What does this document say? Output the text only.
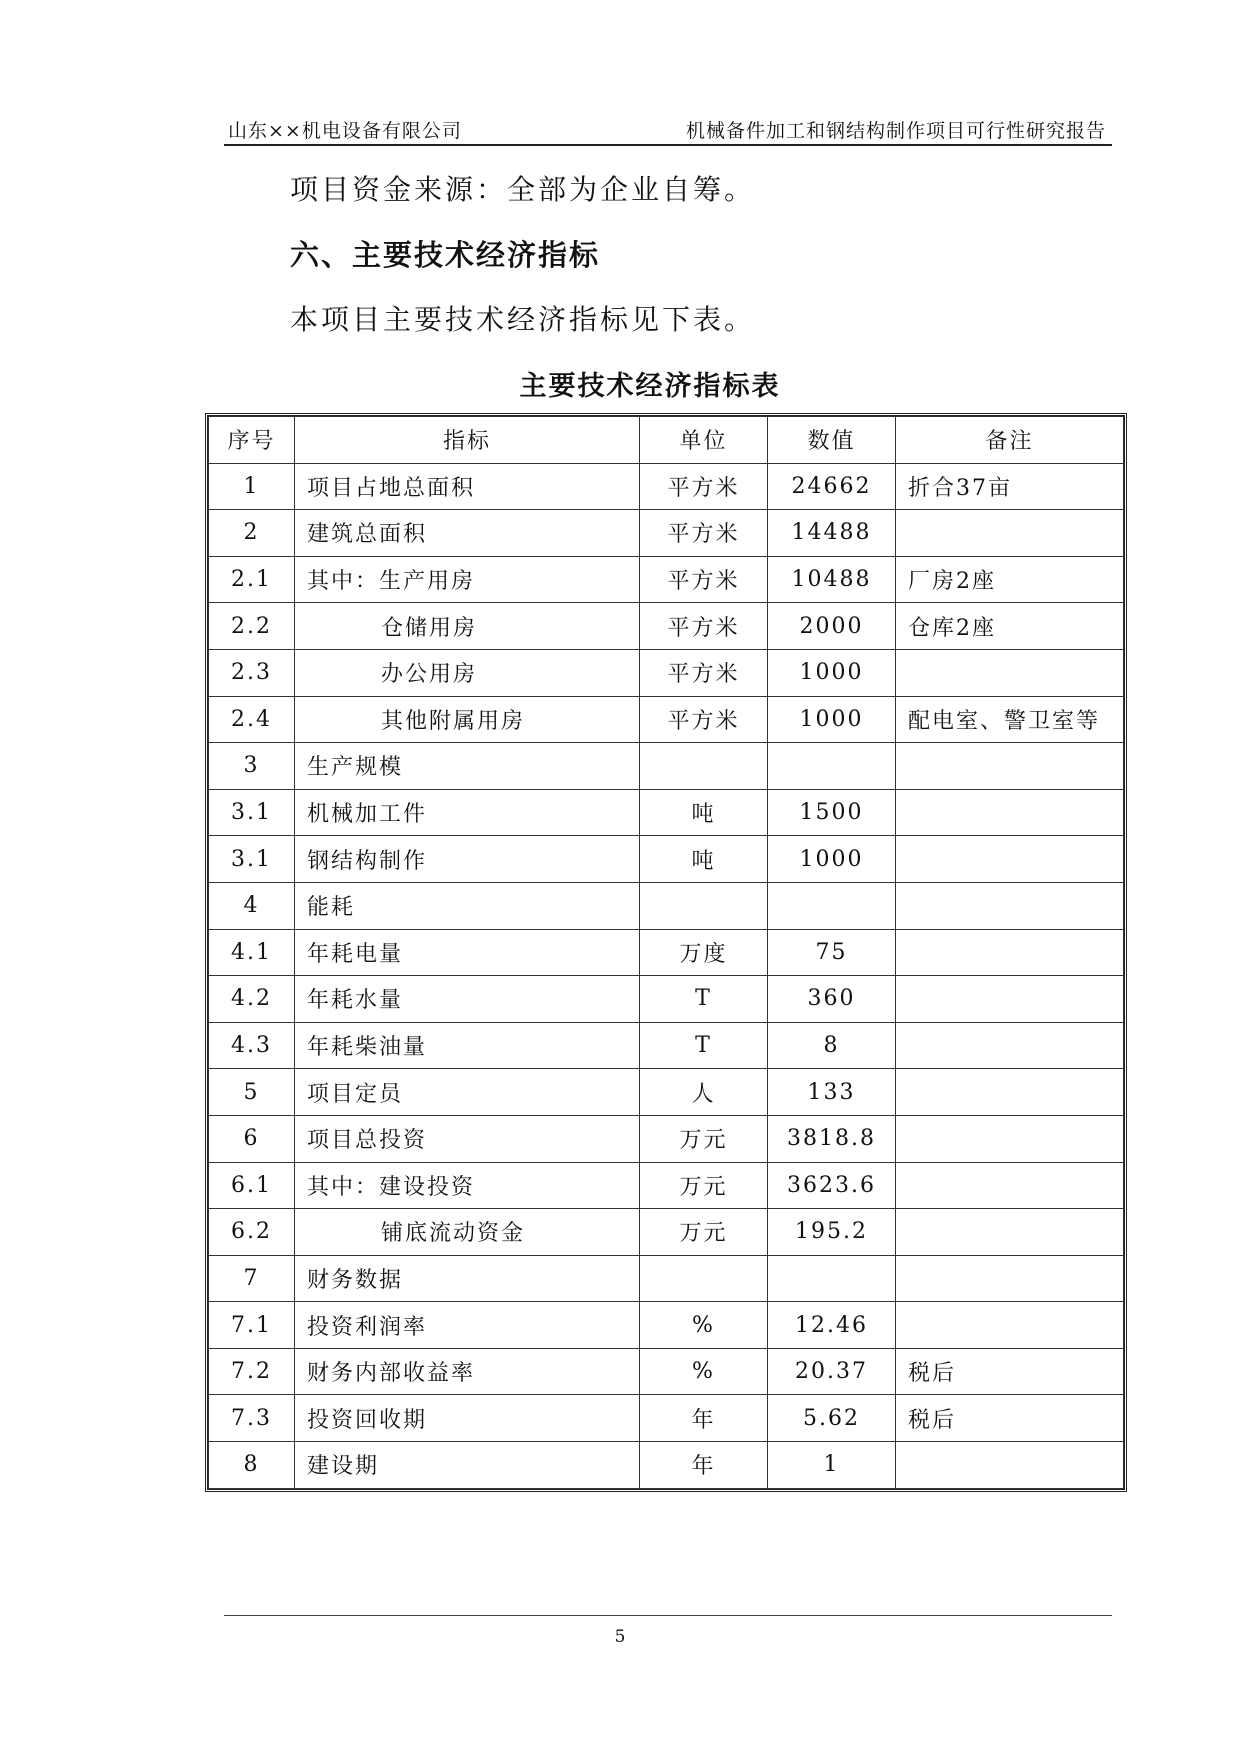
山东××机电设备有限公司	机械备件加工和钢结构制作项目可行性研究报告
项目资金来源：全部为企业自筹。
六、主要技术经济指标
本项目主要技术经济指标见下表。
主要技术经济指标表
序号	指标	单位	数值	备注
1	项目占地总面积	平方米	24662	折合37亩
2	建筑总面积	平方米	14488	
2.1	其中：生产用房	平方米	10488	厂房2座
2.2	仓储用房	平方米	2000	仓库2座
2.3	办公用房	平方米	1000	
2.4	其他附属用房	平方米	1000	配电室、警卫室等
3	生产规模			
3.1	机械加工件	吨	1500	
3.1	钢结构制作	吨	1000	
4	能耗			
4.1	年耗电量	万度	75	
4.2	年耗水量	T	360	
4.3	年耗柴油量	T	8	
5	项目定员	人	133	
6	项目总投资	万元	3818.8	
6.1	其中：建设投资	万元	3623.6	
6.2	铺底流动资金	万元	195.2	
7	财务数据			
7.1	投资利润率	%	12.46	
7.2	财务内部收益率	%	20.37	税后
7.3	投资回收期	年	5.62	税后
8	建设期	年	1	
5
